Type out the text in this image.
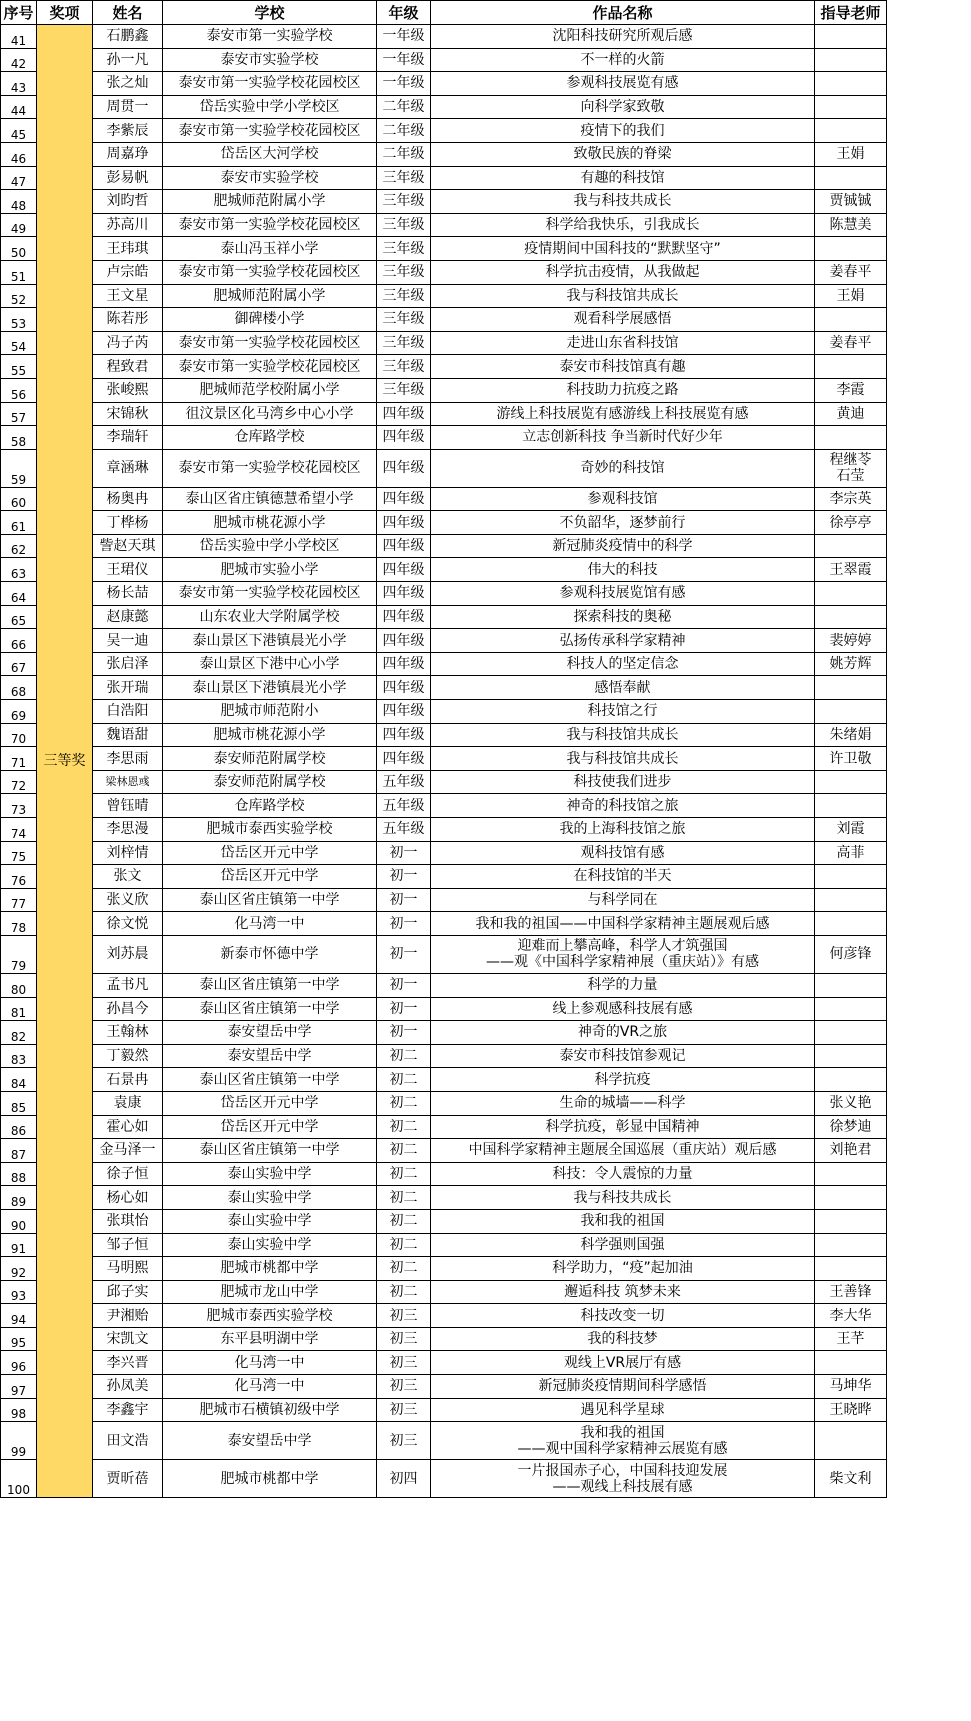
序号	奖项	姓名	学校	年级	作品名称	指导老师
41	三等奖	石鹏鑫	泰安市第一实验学校	一年级	沈阳科技研究所观后感	

42		孙一凡	泰安市实验学校	一年级	不一样的火箭	

43		张之灿	泰安市第一实验学校花园校区	一年级	参观科技展览有感	

44		周贯一	岱岳实验中学小学校区	二年级	向科学家致敬	

45		李紫辰	泰安市第一实验学校花园校区	二年级	疫情下的我们	

46		周嘉琤	岱岳区大河学校	二年级	致敬民族的脊梁	王娟

47		彭易帆	泰安市实验学校	三年级	有趣的科技馆	

48		刘昀哲	肥城师范附属小学	三年级	我与科技共成长	贾铖铖

49		苏高川	泰安市第一实验学校花园校区	三年级	科学给我快乐，引我成长	陈慧美

50		王玮琪	泰山冯玉祥小学	三年级	疫情期间中国科技的“默默坚守”	

51		卢宗皓	泰安市第一实验学校花园校区	三年级	科学抗击疫情，从我做起	姜春平

52		王文星	肥城师范附属小学	三年级	我与科技馆共成长	王娟

53		陈若彤	御碑楼小学	三年级	观看科学展感悟	

54		冯子芮	泰安市第一实验学校花园校区	三年级	走进山东省科技馆	姜春平

55		程致君	泰安市第一实验学校花园校区	三年级	泰安市科技馆真有趣	

56		张峻熙	肥城师范学校附属小学	三年级	科技助力抗疫之路	李霞

57		宋锦秋	徂汶景区化马湾乡中心小学	四年级	游线上科技展览有感游线上科技展览有感	黄迪

58		李瑞轩	仓库路学校	四年级	立志创新科技 争当新时代好少年	

59		章涵琳	泰安市第一实验学校花园校区	四年级	奇妙的科技馆	程继苓
石莹

60		杨奥冉	泰山区省庄镇德慧希望小学	四年级	参观科技馆	李宗英

61		丁桦杨	肥城市桃花源小学	四年级	不负韶华，逐梦前行	徐亭亭

62		訾赵天琪	岱岳实验中学小学校区	四年级	新冠肺炎疫情中的科学	

63		王珺仪	肥城市实验小学	四年级	伟大的科技	王翠霞

64		杨长喆	泰安市第一实验学校花园校区	四年级	参观科技展览馆有感	

65		赵康懿	山东农业大学附属学校	四年级	探索科技的奥秘	

66		吴一迪	泰山景区下港镇晨光小学	四年级	弘扬传承科学家精神	裴婷婷

67		张启泽	泰山景区下港中心小学	四年级	科技人的坚定信念	姚芳辉

68		张开瑞	泰山景区下港镇晨光小学	四年级	感悟奉献	

69		白浩阳	肥城市师范附小	四年级	科技馆之行	

70		魏语甜	肥城市桃花源小学	四年级	我与科技馆共成长	朱绪娟

71		李思雨	泰安师范附属学校	四年级	我与科技馆共成长	许卫敬

72		梁林恩彧	泰安师范附属学校	五年级	科技使我们进步	

73		曾钰晴	仓库路学校	五年级	神奇的科技馆之旅	

74		李思漫	肥城市泰西实验学校	五年级	我的上海科技馆之旅	刘霞

75		刘梓情	岱岳区开元中学	初一	观科技馆有感	高菲

76		张文	岱岳区开元中学	初一	在科技馆的半天	

77		张义欣	泰山区省庄镇第一中学	初一	与科学同在	

78		徐文悦	化马湾一中	初一	我和我的祖国——中国科学家精神主题展观后感	

79		刘苏晨	新泰市怀德中学	初一	迎难而上攀高峰，科学人才筑强国
——观《中国科学家精神展（重庆站）》有感	何彦锋

80		孟书凡	泰山区省庄镇第一中学	初一	科学的力量	

81		孙昌今	泰山区省庄镇第一中学	初一	线上参观感科技展有感	

82		王翰林	泰安望岳中学	初一	神奇的VR之旅	

83		丁毅然	泰安望岳中学	初二	泰安市科技馆参观记	

84		石景冉	泰山区省庄镇第一中学	初二	科学抗疫	

85		袁康	岱岳区开元中学	初二	生命的城墙——科学	张义艳

86		霍心如	岱岳区开元中学	初二	科学抗疫，彰显中国精神	徐梦迪

87		金马泽一	泰山区省庄镇第一中学	初二	中国科学家精神主题展全国巡展（重庆站）观后感	刘艳君

88		徐子恒	泰山实验中学	初二	科技：令人震惊的力量	

89		杨心如	泰山实验中学	初二	我与科技共成长	

90		张琪怡	泰山实验中学	初二	我和我的祖国	

91		邹子恒	泰山实验中学	初二	科学强则国强	

92		马明熙	肥城市桃都中学	初二	科学助力，“疫”起加油	

93		邱子实	肥城市龙山中学	初二	邂逅科技 筑梦未来	王善锋

94		尹湘贻	肥城市泰西实验学校	初三	科技改变一切	李大华

95		宋凯文	东平县明湖中学	初三	我的科技梦	王芊

96		李兴晋	化马湾一中	初三	观线上VR展厅有感	

97		孙凤美	化马湾一中	初三	新冠肺炎疫情期间科学感悟	马坤华

98		李鑫宇	肥城市石横镇初级中学	初三	遇见科学星球	王晓晔

99		田文浩	泰安望岳中学	初三	我和我的祖国
——观中国科学家精神云展览有感	

100		贾昕蓓	肥城市桃都中学	初四	一片报国赤子心，中国科技迎发展
——观线上科技展有感	柴文利
